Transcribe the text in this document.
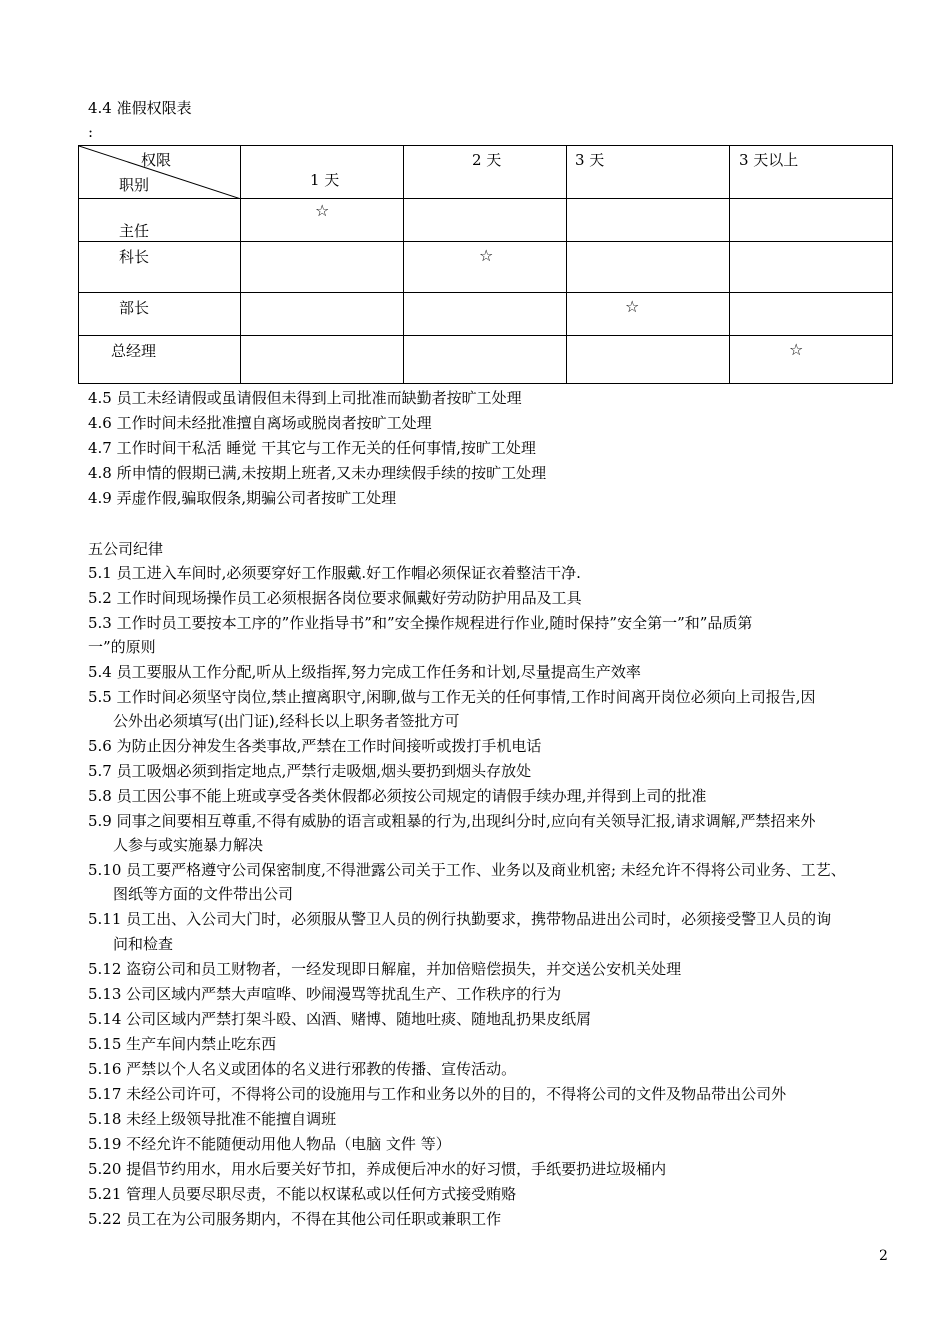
4.4 准假权限表
:
权限
职别	1 天	2 天	3 天	3 天以上

主任	☆			

科长		☆		

部长			☆	

总经理				☆
4.5 员工未经请假或虽请假但未得到上司批准而缺勤者按旷工处理
4.6 工作时间未经批准擅自离场或脱岗者按旷工处理
4.7 工作时间干私活 睡觉 干其它与工作无关的任何事情,按旷工处理
4.8 所申情的假期已满,未按期上班者,又未办理续假手续的按旷工处理
4.9 弄虚作假,骗取假条,期骗公司者按旷工处理
五公司纪律
5.1 员工进入车间时,必须要穿好工作服戴.好工作帽必须保证衣着整洁干净.
5.2 工作时间现场操作员工必须根据各岗位要求佩戴好劳动防护用品及工具
5.3 工作时员工要按本工序的”作业指导书”和”安全操作规程进行作业,随时保持”安全第一”和”品质第
一”的原则
5.4 员工要服从工作分配,听从上级指挥,努力完成工作任务和计划,尽量提高生产效率
5.5 工作时间必须坚守岗位,禁止擅离职守,闲聊,做与工作无关的任何事情,工作时间离开岗位必须向上司报告,因
公外出必须填写(出门证),经科长以上职务者签批方可
5.6 为防止因分神发生各类事故,严禁在工作时间接听或拨打手机电话
5.7 员工吸烟必须到指定地点,严禁行走吸烟,烟头要扔到烟头存放处
5.8 员工因公事不能上班或享受各类休假都必须按公司规定的请假手续办理,并得到上司的批准
5.9 同事之间要相互尊重,不得有威胁的语言或粗暴的行为,出现纠分时,应向有关领导汇报,请求调解,严禁招来外
人参与或实施暴力解决
5.10 员工要严格遵守公司保密制度,不得泄露公司关于工作、业务以及商业机密; 未经允许不得将公司业务、工艺、
图纸等方面的文件带出公司
5.11 员工出、入公司大门时，必须服从警卫人员的例行执勤要求，携带物品进出公司时，必须接受警卫人员的询
问和检查
5.12 盗窃公司和员工财物者，一经发现即日解雇，并加倍赔偿损失，并交送公安机关处理
5.13 公司区域内严禁大声喧哗、吵闹漫骂等扰乱生产、工作秩序的行为
5.14 公司区域内严禁打架斗殴、凶酒、赌博、随地吐痰、随地乱扔果皮纸屑
5.15 生产车间内禁止吃东西
5.16 严禁以个人名义或团体的名义进行邪教的传播、宣传活动。
5.17 未经公司许可，不得将公司的设施用与工作和业务以外的目的，不得将公司的文件及物品带出公司外
5.18 未经上级领导批准不能擅自调班
5.19 不经允许不能随便动用他人物品（电脑 文件 等）
5.20 提倡节约用水，用水后要关好节扣，养成便后冲水的好习惯，手纸要扔进垃圾桶内
5.21 管理人员要尽职尽责，不能以权谋私或以任何方式接受贿赂
5.22 员工在为公司服务期内，不得在其他公司任职或兼职工作
2
